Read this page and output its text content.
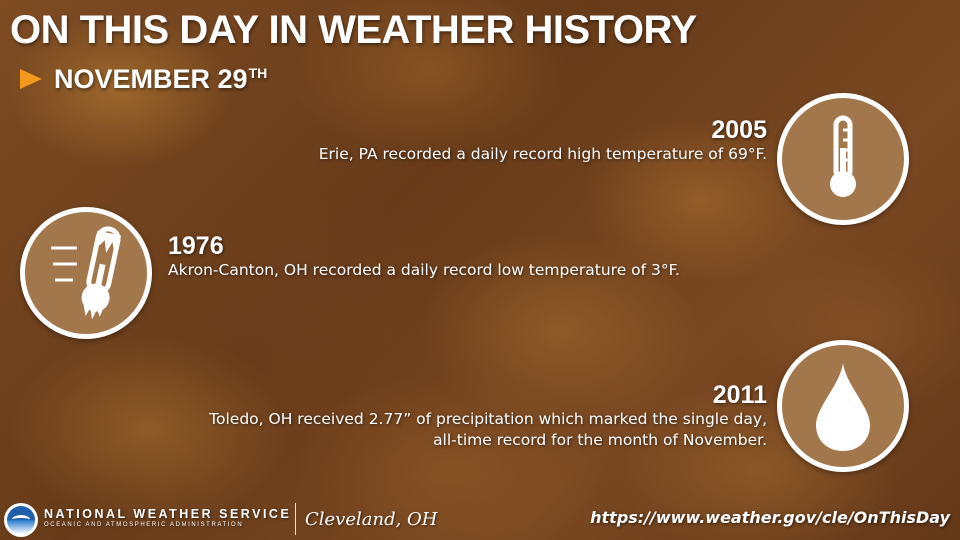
ON THIS DAY IN WEATHER HISTORY
NOVEMBER 29 TH
2005
Erie, PA recorded a daily record high temperature of 69°F.
1976
Akron-Canton, OH recorded a daily record low temperature of 3°F.
2011
Toledo, OH received 2.77” of precipitation which marked the single day,
all-time record for the month of November.
NATIONAL WEATHER SERVICE
OCEANIC AND ATMOSPHERIC ADMINISTRATION	Cleveland, OH	https://www.weather.gov/cle/OnThisDay
